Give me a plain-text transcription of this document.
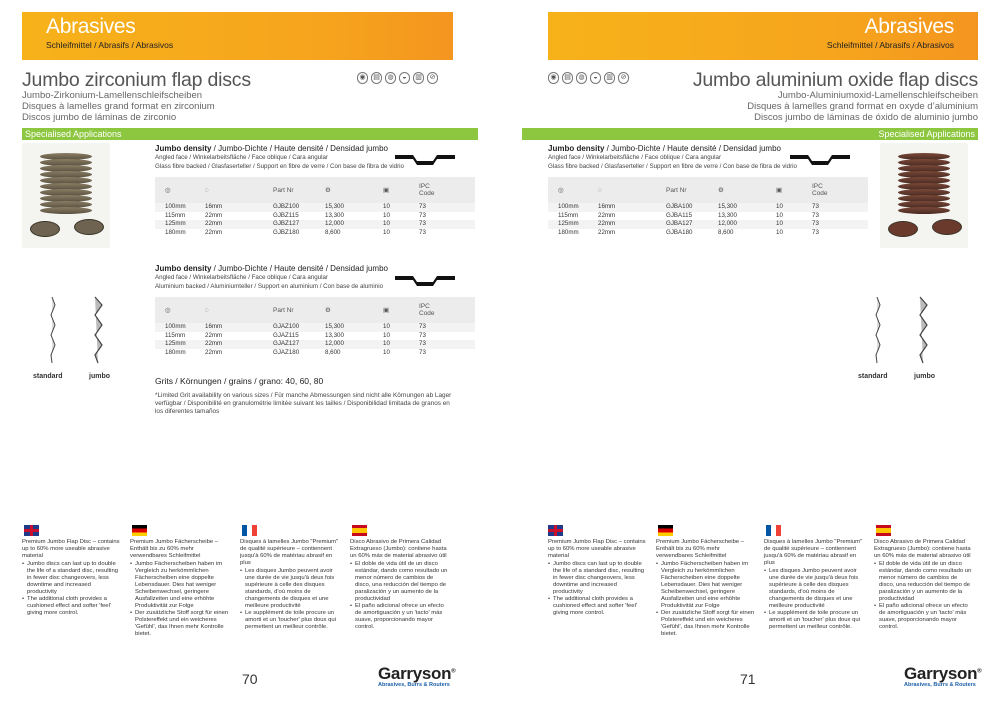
Abrasives
Schleifmittel / Abrasifs / Abrasivos
Jumbo zirconium flap discs

Jumbo-Zirkonium-Lamellenschleifscheiben

Disques à lamelles grand format en zirconium

Discos jumbo de láminas de zirconio

◉	▤	◍	◒	▥	⊘
Specialised Applications
standard	jumbo
Jumbo density / Jumbo-Dichte / Haute densité / Densidad jumbo
Angled face / Winkelarbeitsfläche / Face oblique / Cara angular
Glass fibre backed / Glasfaserteller / Support en fibre de verre / Con base de fibra de vidrio
◎	◌	Part Nr	⚙	▣
IPC
Code
100mm	16mm	GJBZ100	15,300	10	73
115mm	22mm	GJBZ115	13,300	10	73
125mm	22mm	GJBZ127	12,000	10	73
180mm	22mm	GJBZ180	8,600	10	73
Jumbo density / Jumbo-Dichte / Haute densité / Densidad jumbo
Angled face / Winkelarbeitsfläche / Face oblique / Cara angular
Aluminium backed / Aluminiumteller / Support en aluminium / Con base de aluminio
◎	◌	Part Nr	⚙	▣
IPC
Code
100mm	16mm	GJAZ100	15,300	10	73
115mm	22mm	GJAZ115	13,300	10	73
125mm	22mm	GJAZ127	12,000	10	73
180mm	22mm	GJAZ180	8,600	10	73
Grits / Körnungen / grains / grano: 40, 60, 80
*Limited Grit availability on various sizes / Für manche Abmessungen sind nicht alle Körnungen ab Lager verfügbar / Disponibilité en granulométrie limitée suivant les tailles / Disponibilidad limitada de granos en los diferentes tamaños
Premium Jumbo Flap Disc – contains up to 60% more useable abrasive material
• Jumbo discs can last up to double the life of a standard disc, resulting in fewer disc changeovers, less downtime and increased productivity
• The additional cloth provides a cushioned effect and softer 'feel' giving more control.
Premium Jumbo Fächerscheibe – Enthält bis zu 60% mehr verwendbares Schleifmittel
• Jumbo Fächerscheiben haben im Vergleich zu herkömmlichen Fächerscheiben eine doppelte Lebensdauer. Dies hat weniger Scheibenwechsel, geringere Ausfallzeiten und eine erhöhte Produktivität zur Folge
• Der zusätzliche Stoff sorgt für einen Polstereffekt und ein weicheres 'Gefühl', das Ihnen mehr Kontrolle bietet.
Disques à lamelles Jumbo "Premium" de qualité supérieure – contiennent jusqu'à 60% de matériau abrasif en plus
• Les disques Jumbo peuvent avoir une durée de vie jusqu'à deux fois supérieure à celle des disques standards, d'où moins de changements de disques et une meilleure productivité
• Le supplément de toile procure un amorti et un 'toucher' plus doux qui permettent un meilleur contrôle.
Disco Abrasivo de Primera Calidad Extragrueso (Jumbo): contiene hasta un 60% más de material abrasivo útil
• El doble de vida útil de un disco estándar, dando como resultado un menor número de cambios de disco, una reducción del tiempo de paralización y un aumento de la productividad
• El paño adicional ofrece un efecto de amortiguación y un 'tacto' más suave, proporcionando mayor control.
70	Garryson®
Abrasives, Burrs & Routers
Abrasives
Schleifmittel / Abrasifs / Abrasivos
Jumbo aluminium oxide flap discs

Jumbo-Aluminiumoxid-Lamellenschleifscheiben

Disques à lamelles grand format en oxyde d’aluminium

Discos jumbo de láminas de óxido de aluminio jumbo

◉	▤	◍	◒	▥	⊘
Specialised Applications
standard	jumbo
Jumbo density / Jumbo-Dichte / Haute densité / Densidad jumbo
Angled face / Winkelarbeitsfläche / Face oblique / Cara angular
Glass fibre backed / Glasfaserteller / Support en fibre de verre / Con base de fibra de vidrio
◎	◌	Part Nr	⚙	▣
IPC
Code
100mm	16mm	GJBA100	15,300	10	73
115mm	22mm	GJBA115	13,300	10	73
125mm	22mm	GJBA127	12,000	10	73
180mm	22mm	GJBA180	8,600	10	73
Premium Jumbo Flap Disc – contains up to 60% more useable abrasive material
• Jumbo discs can last up to double the life of a standard disc, resulting in fewer disc changeovers, less downtime and increased productivity
• The additional cloth provides a cushioned effect and softer 'feel' giving more control.
Premium Jumbo Fächerscheibe – Enthält bis zu 60% mehr verwendbares Schleifmittel
• Jumbo Fächerscheiben haben im Vergleich zu herkömmlichen Fächerscheiben eine doppelte Lebensdauer. Dies hat weniger Scheibenwechsel, geringere Ausfallzeiten und eine erhöhte Produktivität zur Folge
• Der zusätzliche Stoff sorgt für einen Polstereffekt und ein weicheres 'Gefühl', das Ihnen mehr Kontrolle bietet.
Disques à lamelles Jumbo "Premium" de qualité supérieure – contiennent jusqu'à 60% de matériau abrasif en plus
• Les disques Jumbo peuvent avoir une durée de vie jusqu'à deux fois supérieure à celle des disques standards, d'où moins de changements de disques et une meilleure productivité
• Le supplément de toile procure un amorti et un 'toucher' plus doux qui permettent un meilleur contrôle.
Disco Abrasivo de Primera Calidad Extragrueso (Jumbo): contiene hasta un 60% más de material abrasivo útil
• El doble de vida útil de un disco estándar, dando como resultado un menor número de cambios de disco, una reducción del tiempo de paralización y un aumento de la productividad
• El paño adicional ofrece un efecto de amortiguación y un 'tacto' más suave, proporcionando mayor control.
71	Garryson®
Abrasives, Burrs & Routers
